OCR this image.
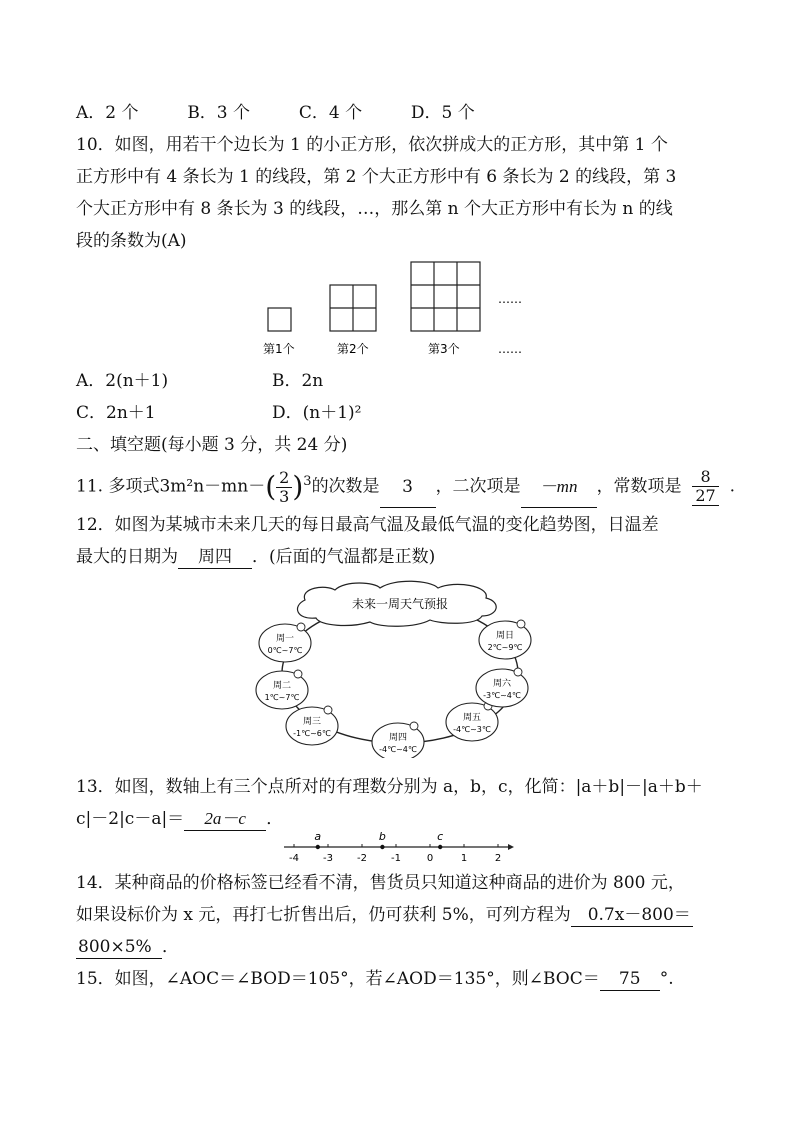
A．2 个	B．3 个	C．4 个	D．5 个
10．如图，用若干个边长为 1 的小正方形，依次拼成大的正方形，其中第 1 个
正方形中有 4 条长为 1 的线段，第 2 个大正方形中有 6 条长为 2 的线段，第 3
个大正方形中有 8 条长为 3 的线段，…，那么第 n 个大正方形中有长为 n 的线
段的条数为(A)
……
第1个	第2个	第3个	……
A．2(n＋1)	B．2n
C．2n＋1	D．(n＋1)²
二、填空题(每小题 3 分，共 24 分)
11. 多项式$3m^2n-mn-( \frac{2}{3} )^3$的次数是 3 ，二次项是 －mn ，常数项是 $\frac{8}{27}$ .
12．如图为某城市未来几天的每日最高气温及最低气温的变化趋势图，日温差
最大的日期为 周四 ．(后面的气温都是正数)
未来一周天气预报
周一
0℃~7℃
周二
1℃~7℃
周三
-1℃~6℃	周四
-4℃~4℃
周五
-4℃~3℃
周六
-3℃~4℃
周日
2℃~9℃
13．如图，数轴上有三个点所对的有理数分别为 a，b，c，化简：|a＋b|－|a＋b＋
c|－2|c－a|＝ 2a－c ．
-4 -3 -2 -1	0	1	2
a	b	c
14．某种商品的价格标签已经看不清，售货员只知道这种商品的进价为 800 元，
如果设标价为 x 元，再打七折售出后，仍可获利 5%，可列方程为 0.7x－800＝
800×5% ．
15．如图，∠AOC＝∠BOD＝105°，若∠AOD＝135°，则∠BOC＝ 75 °.
